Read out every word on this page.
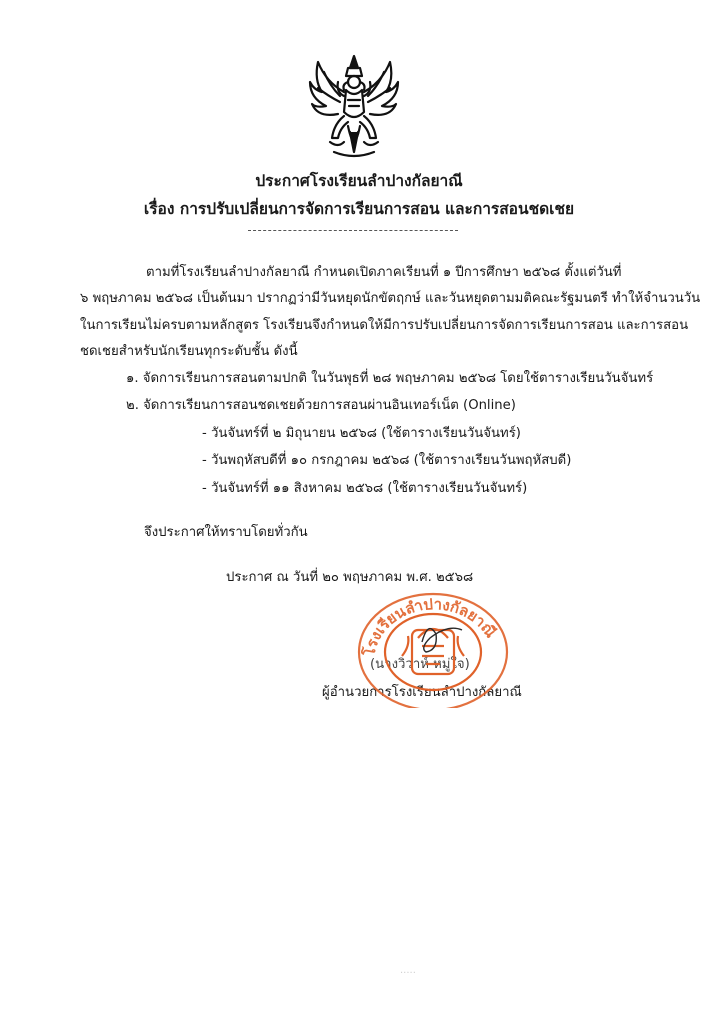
ประกาศโรงเรียนลำปางกัลยาณี
เรื่อง การปรับเปลี่ยนการจัดการเรียนการสอน และการสอนชดเชย
ตามที่โรงเรียนลำปางกัลยาณี กำหนดเปิดภาคเรียนที่ ๑ ปีการศึกษา ๒๕๖๘ ตั้งแต่วันที่
๖ พฤษภาคม ๒๕๖๘ เป็นต้นมา ปรากฏว่ามีวันหยุดนักขัตฤกษ์ และวันหยุดตามมติคณะรัฐมนตรี ทำให้จำนวนวัน
ในการเรียนไม่ครบตามหลักสูตร โรงเรียนจึงกำหนดให้มีการปรับเปลี่ยนการจัดการเรียนการสอน และการสอน
ชดเชยสำหรับนักเรียนทุกระดับชั้น ดังนี้
๑. จัดการเรียนการสอนตามปกติ ในวันพุธที่ ๒๘ พฤษภาคม ๒๕๖๘ โดยใช้ตารางเรียนวันจันทร์
๒. จัดการเรียนการสอนชดเชยด้วยการสอนผ่านอินเทอร์เน็ต (Online)
- วันจันทร์ที่ ๒ มิถุนายน ๒๕๖๘ (ใช้ตารางเรียนวันจันทร์)
- วันพฤหัสบดีที่ ๑๐ กรกฎาคม ๒๕๖๘ (ใช้ตารางเรียนวันพฤหัสบดี)
- วันจันทร์ที่ ๑๑ สิงหาคม ๒๕๖๘ (ใช้ตารางเรียนวันจันทร์)
จึงประกาศให้ทราบโดยทั่วกัน
ประกาศ ณ วันที่ ๒๐ พฤษภาคม พ.ศ. ๒๕๖๘
(นางวิวาห์ หมู่ใจ)
ผู้อำนวยการโรงเรียนลำปางกัลยาณี
โรงเรียนลำปางกัลยาณี
·····
